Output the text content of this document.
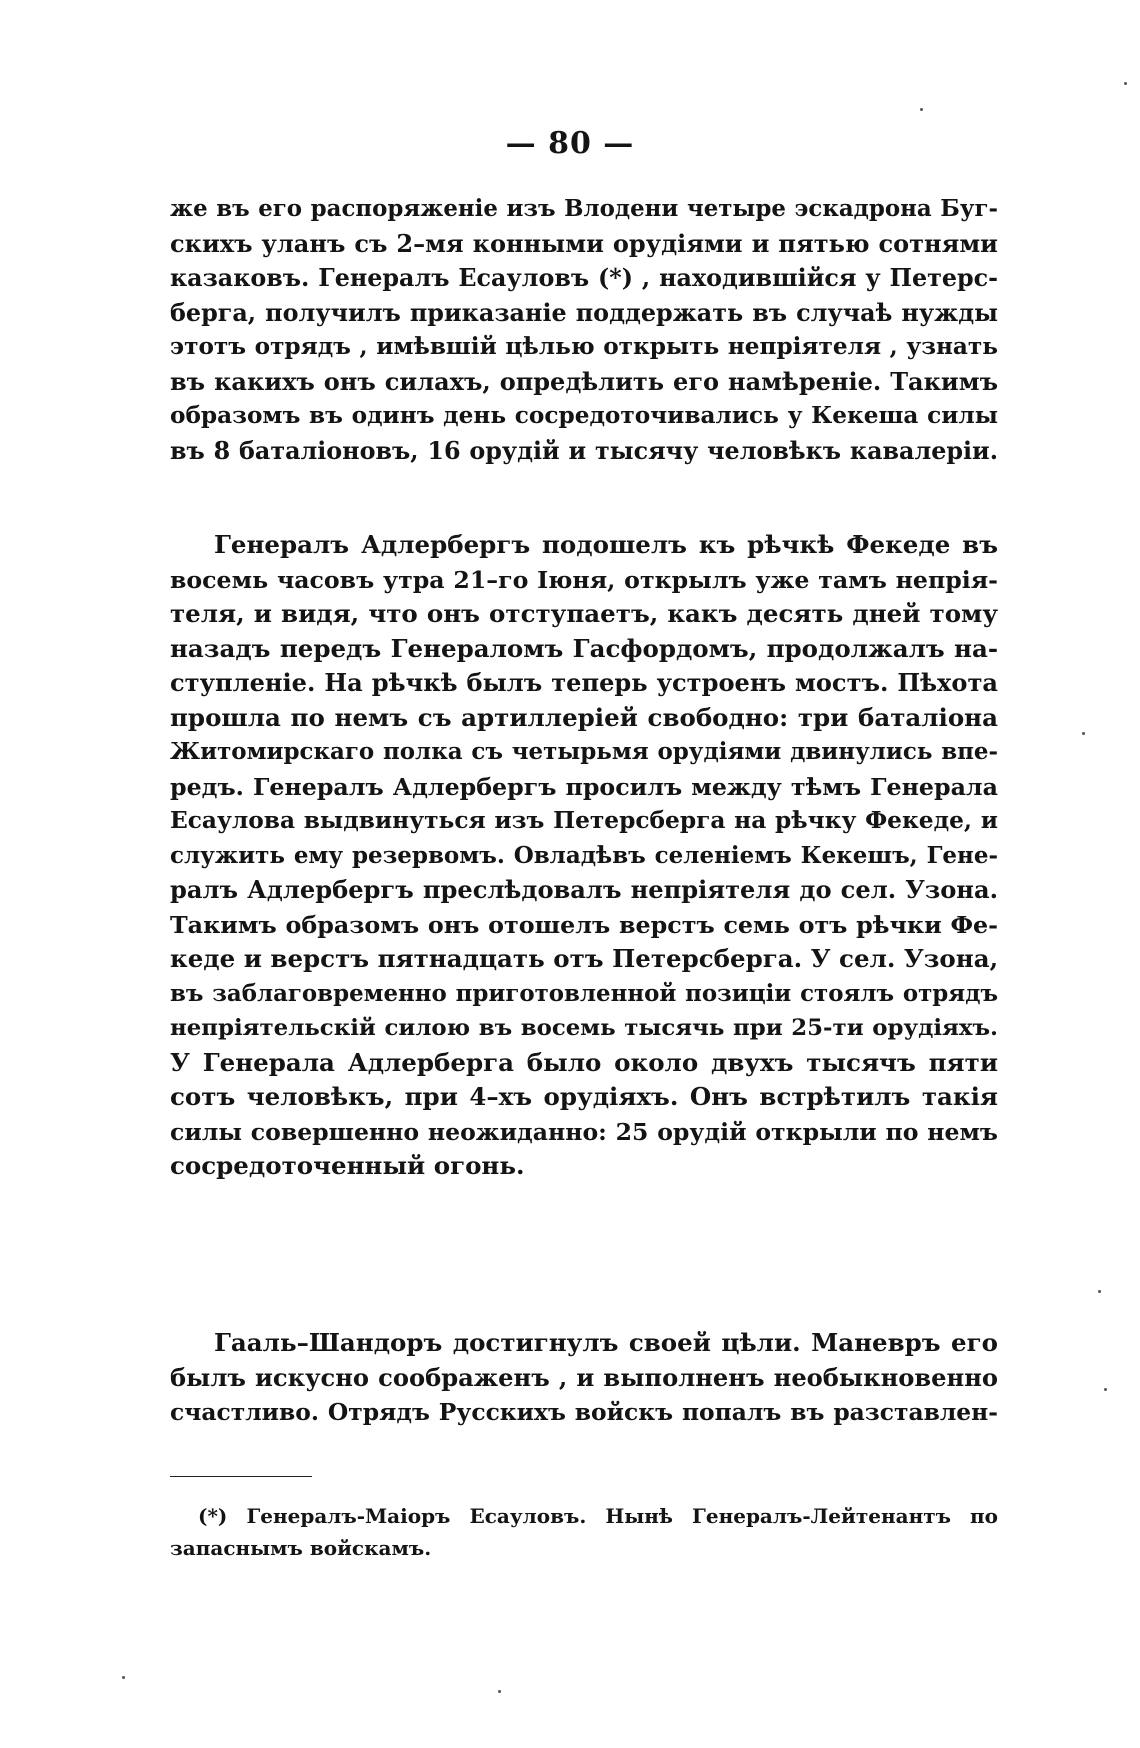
— 80 —
же въ его распоряженіе изъ Влодени четыре эскадрона Буг-
скихъ уланъ съ 2–мя конными орудіями и пятью сотнями
казаковъ. Генералъ Есауловъ (*) , находившійся у Петерс-
берга, получилъ приказаніе поддержать въ случаѣ нужды
этотъ отрядъ , имѣвшій цѣлью открыть непріятеля , узнать
въ какихъ онъ силахъ, опредѣлить его намѣреніе. Такимъ
образомъ въ одинъ день сосредоточивались у Кекеша силы
въ 8 баталіоновъ, 16 орудій и тысячу человѣкъ кавалеріи.
Генералъ Адлербергъ подошелъ къ рѣчкѣ Фекеде въ
восемь часовъ утра 21–го Іюня, открылъ уже тамъ непрія-
теля, и видя, что онъ отступаетъ, какъ десять дней тому
назадъ передъ Генераломъ Гасфордомъ, продолжалъ на-
ступленіе. На рѣчкѣ былъ теперь устроенъ мостъ. Пѣхота
прошла по немъ съ артиллеріей свободно: три баталіона
Житомирскаго полка съ четырьмя орудіями двинулись впе-
редъ. Генералъ Адлербергъ просилъ между тѣмъ Генерала
Есаулова выдвинуться изъ Петерсберга на рѣчку Фекеде, и
служить ему резервомъ. Овладѣвъ селеніемъ Кекешъ, Гене-
ралъ Адлербергъ преслѣдовалъ непріятеля до сел. Узона.
Такимъ образомъ онъ отошелъ верстъ семь отъ рѣчки Фе-
кеде и верстъ пятнадцать отъ Петерсберга. У сел. Узона,
въ заблаговременно приготовленной позиціи стоялъ отрядъ
непріятельскій силою въ восемь тысячь при 25-ти орудіяхъ.
У Генерала Адлерберга было около двухъ тысячъ пяти
сотъ человѣкъ, при 4–хъ орудіяхъ. Онъ встрѣтилъ такія
силы совершенно неожиданно: 25 орудій открыли по немъ
сосредоточенный огонь.
Гааль–Шандоръ достигнулъ своей цѣли. Маневръ его
былъ искусно соображенъ , и выполненъ необыкновенно
счастливо. Отрядъ Русскихъ войскъ попалъ въ разставлен-
(*) Генералъ-Маіоръ Есауловъ. Нынѣ Генералъ-Лейтенантъ по
запаснымъ войскамъ.
